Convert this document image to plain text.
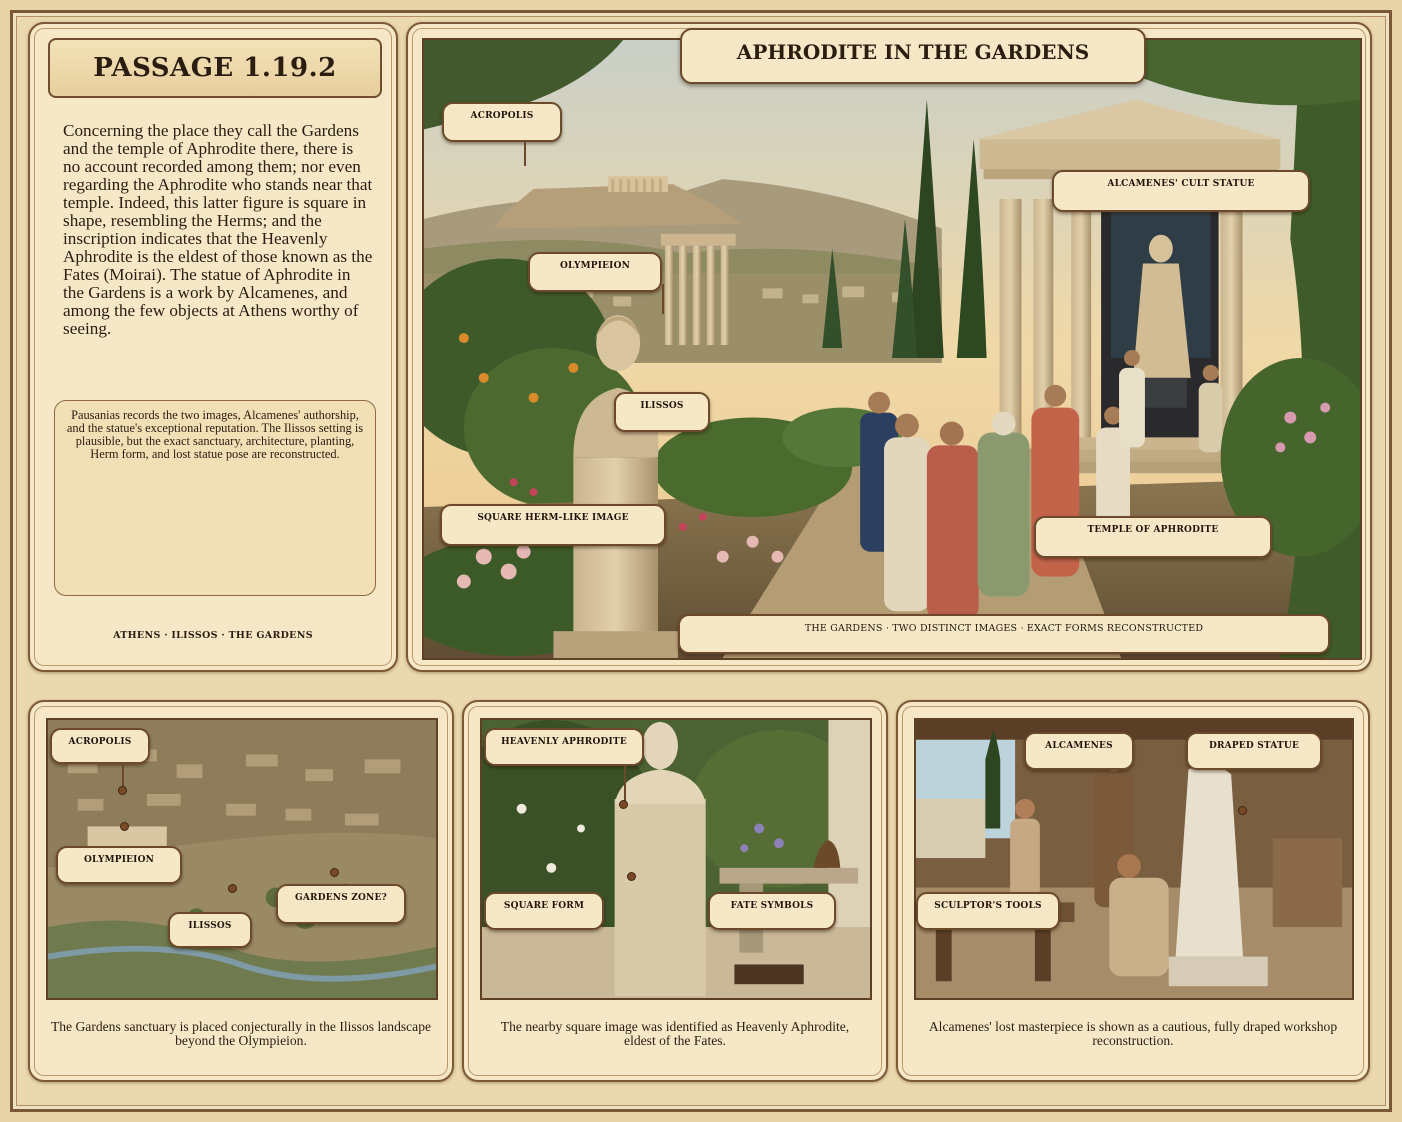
PASSAGE 1.19.2
Concerning the place they call the Gardens and the temple of Aphrodite there, there is no account recorded among them; nor even regarding the Aphrodite who stands near that temple. Indeed, this latter figure is square in shape, resembling the Herms; and the inscription indicates that the Heavenly Aphrodite is the eldest of those known as the Fates (Moirai). The statue of Aphrodite in the Gardens is a work by Alcamenes, and among the few objects at Athens worthy of seeing.
Pausanias records the two images, Alcamenes' authorship, and the statue's exceptional reputation. The Ilissos setting is plausible, but the exact sanctuary, architecture, planting, Herm form, and lost statue pose are reconstructed.
ATHENS · ILISSOS · THE GARDENS
APHRODITE IN THE GARDENS
ACROPOLIS
OLYMPIEION
ILISSOS
SQUARE HERM-LIKE IMAGE
ALCAMENES' CULT STATUE
TEMPLE OF APHRODITE
THE GARDENS · TWO DISTINCT IMAGES · EXACT FORMS RECONSTRUCTED
ACROPOLIS
OLYMPIEION
ILISSOS
GARDENS ZONE?
The Gardens sanctuary is placed conjecturally in the Ilissos landscape beyond the Olympieion.
HEAVENLY APHRODITE
SQUARE FORM	FATE SYMBOLS
The nearby square image was identified as Heavenly Aphrodite, eldest of the Fates.
ALCAMENES	DRAPED STATUE
SCULPTOR'S TOOLS
Alcamenes' lost masterpiece is shown as a cautious, fully draped workshop reconstruction.
